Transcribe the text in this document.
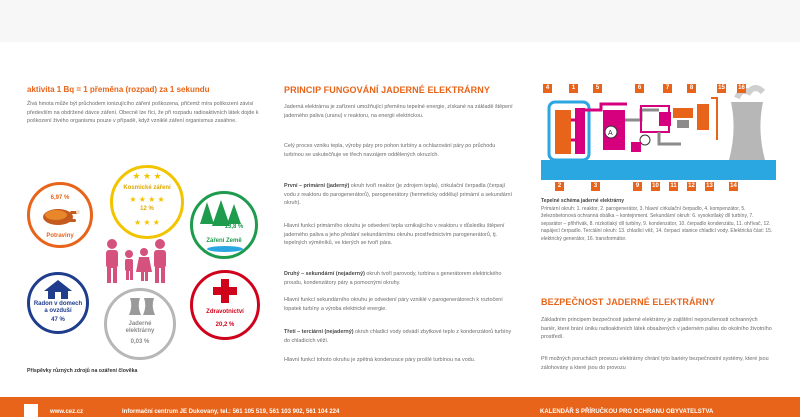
aktivita 1 Bq = 1 přeměna (rozpad) za 1 sekundu
Živá hmota může být průchodem ionizujícího záření poškozena, přičemž míra poškození závisí především na obdržené dávce záření. Obecně lze říci, že při rozpadu radioaktivních látek dojde k poškození živého organismu pouze v případě, když vzniklé záření organismus zasáhne.
6,97 %
Potraviny
★ ★ ★
Kosmické záření
★ ★ ★ ★
12 %
★ ★ ★	13,8 %
Záření Země
Radon v domech a ovzduší
47 %
Jaderné elektrárny
0,03 %
Zdravotnictví
20,2 %
Příspěvky různých zdrojů na ozáření člověka
PRINCIP FUNGOVÁNÍ JADERNÉ ELEKTRÁRNY
Jaderná elektrárna je zařízení umožňující přeměnu tepelné energie, získané na základě štěpení jaderného paliva (uranu) v reaktoru, na energii elektrickou.
Celý proces vzniku tepla, výroby páry pro pohon turbíny a ochlazování páry po průchodu turbínou se uskutečňuje ve třech navzájem oddělených okruzích.
První – primární (jaderný) okruh tvoří reaktor (je zdrojem tepla), cirkulační čerpadla (čerpají vodu z reaktoru do parogenerátorů), parogenerátory (hermeticky oddělují primární a sekundární okruh).
Hlavní funkcí primárního okruhu je odvedení tepla vznikajícího v reaktoru v důsledku štěpení jaderného paliva a jeho předání sekundárnímu okruhu prostřednictvím parogenerátorů, tj. tepelných výměníků, ve kterých se tvoří pára.
Druhý – sekundární (nejaderný) okruh tvoří parovody, turbína s generátorem elektrického proudu, kondenzátory páry a pomocnými okruhy.
Hlavní funkcí sekundárního okruhu je odvedení páry vzniklé v parogenerátorech k roztočení lopatek turbíny a výroba elektrické energie.
Třetí – terciární (nejaderný) okruh chladicí vody odvádí zbytkové teplo z kondenzátorů turbíny do chladicích věží.
Hlavní funkcí tohoto okruhu je zpětná kondenzace páry prošlé turbínou na vodu.
A
4	1	5	6	7	8	15 16
2	3	9	10 11 12 13	14
Tepelné schéma jaderné elektrárny
Primární okruh: 1. reaktor, 2. parogenerátor, 3. hlavní cirkulační čerpadlo, 4. kompenzátor, 5. železobetonová ochranná obálka – kontejnment. Sekundární okruh: 6. vysokotlaký díl turbíny, 7. separátor – přihřívák, 8. nízkotlaký díl turbíny, 9. kondenzátor, 10. čerpadlo kondenzátu, 11. ohřívač, 12. napájecí čerpadlo. Terciální okruh: 13. chladicí věž, 14. čerpací stanice chladicí vody. Elektrická část: 15. elektrický generátor, 16. transformátor.
BEZPEČNOST JADERNÉ ELEKTRÁRNY
Základním principem bezpečnosti jaderné elektrárny je zajištění neporušenosti ochranných bariér, které brání úniku radioaktivních látek obsažených v jaderném palivu do okolního životního prostředí.
Při možných poruchách provozu elektrárny chrání tyto bariéry bezpečnostní systémy, které jsou zálohovány a které jsou do provozu
www.cez.cz	Informační centrum JE Dukovany, tel.: 561 105 519, 561 103 902, 561 104 224	KALENDÁŘ S PŘÍRUČKOU PRO OCHRANU OBYVATELSTVA
